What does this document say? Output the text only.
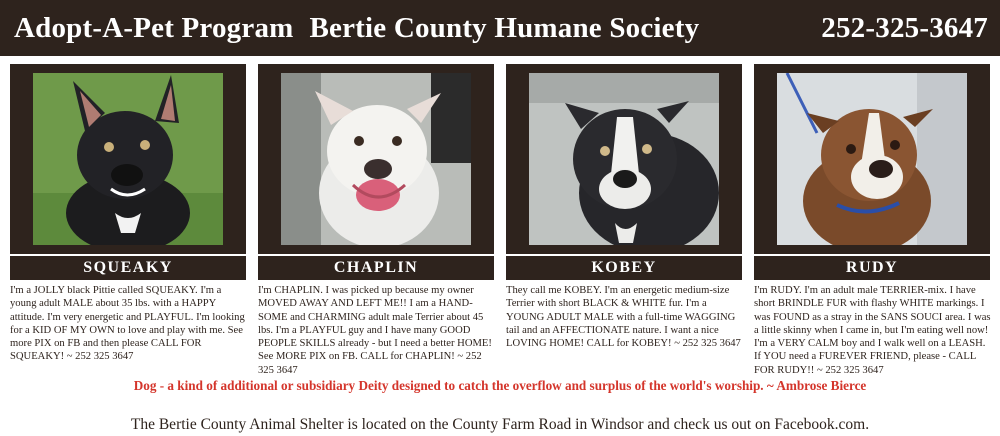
Adopt-A-Pet Program Bertie County Humane Society	252-325-3647
SQUEAKY
I'm a JOLLY black Pittie called SQUEAKY. I'm a young adult MALE about 35 lbs. with a HAPPY attitude. I'm very energetic and PLAYFUL. I'm looking for a KID OF MY OWN to love and play with me. See more PIX on FB and then please CALL FOR SQUEAKY! ~ 252 325 3647
CHAPLIN
I'm CHAPLIN. I was picked up because my owner MOVED AWAY AND LEFT ME!! I am a HAND-SOME and CHARMING adult male Terrier about 45 lbs. I'm a PLAYFUL guy and I have many GOOD PEOPLE SKILLS already - but I need a better HOME! See MORE PIX on FB. CALL for CHAPLIN! ~ 252 325 3647
KOBEY
They call me KOBEY. I'm an energetic medium-size Terrier with short BLACK & WHITE fur. I'm a YOUNG ADULT MALE with a full-time WAGGING tail and an AFFECTIONATE nature. I want a nice LOVING HOME! CALL for KOBEY! ~ 252 325 3647
RUDY
I'm RUDY. I'm an adult male TERRIER-mix. I have short BRINDLE FUR with flashy WHITE markings. I was FOUND as a stray in the SANS SOUCI area. I was a little skinny when I came in, but I'm eating well now! I'm a VERY CALM boy and I walk well on a LEASH. If YOU need a FUREVER FRIEND, please - CALL FOR RUDY!! ~ 252 325 3647
Dog - a kind of additional or subsidiary Deity designed to catch the overflow and surplus of the world's worship. ~ Ambrose Bierce
The Bertie County Animal Shelter is located on the County Farm Road in Windsor and check us out on Facebook.com.
